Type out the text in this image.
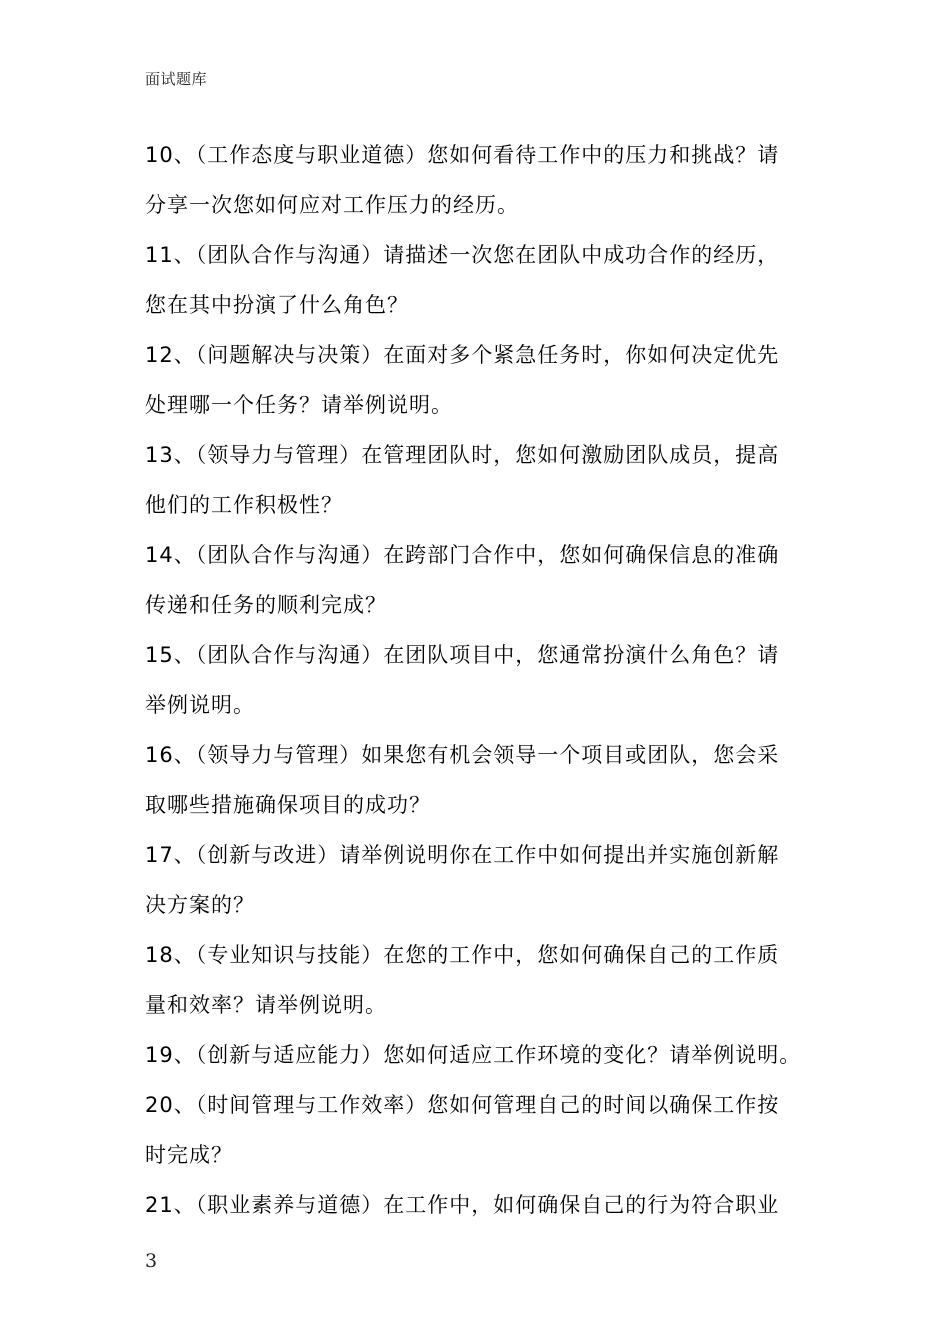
面试题库
10、（工作态度与职业道德）您如何看待工作中的压力和挑战？请
分享一次您如何应对工作压力的经历。
11、（团队合作与沟通）请描述一次您在团队中成功合作的经历，
您在其中扮演了什么角色？
12、（问题解决与决策）在面对多个紧急任务时，你如何决定优先
处理哪一个任务？请举例说明。
13、（领导力与管理）在管理团队时，您如何激励团队成员，提高
他们的工作积极性？
14、（团队合作与沟通）在跨部门合作中，您如何确保信息的准确
传递和任务的顺利完成？
15、（团队合作与沟通）在团队项目中，您通常扮演什么角色？请
举例说明。
16、（领导力与管理）如果您有机会领导一个项目或团队，您会采
取哪些措施确保项目的成功？
17、（创新与改进）请举例说明你在工作中如何提出并实施创新解
决方案的？
18、（专业知识与技能）在您的工作中，您如何确保自己的工作质
量和效率？请举例说明。
19、（创新与适应能力）您如何适应工作环境的变化？请举例说明。
20、（时间管理与工作效率）您如何管理自己的时间以确保工作按
时完成？
21、（职业素养与道德）在工作中，如何确保自己的行为符合职业
3
